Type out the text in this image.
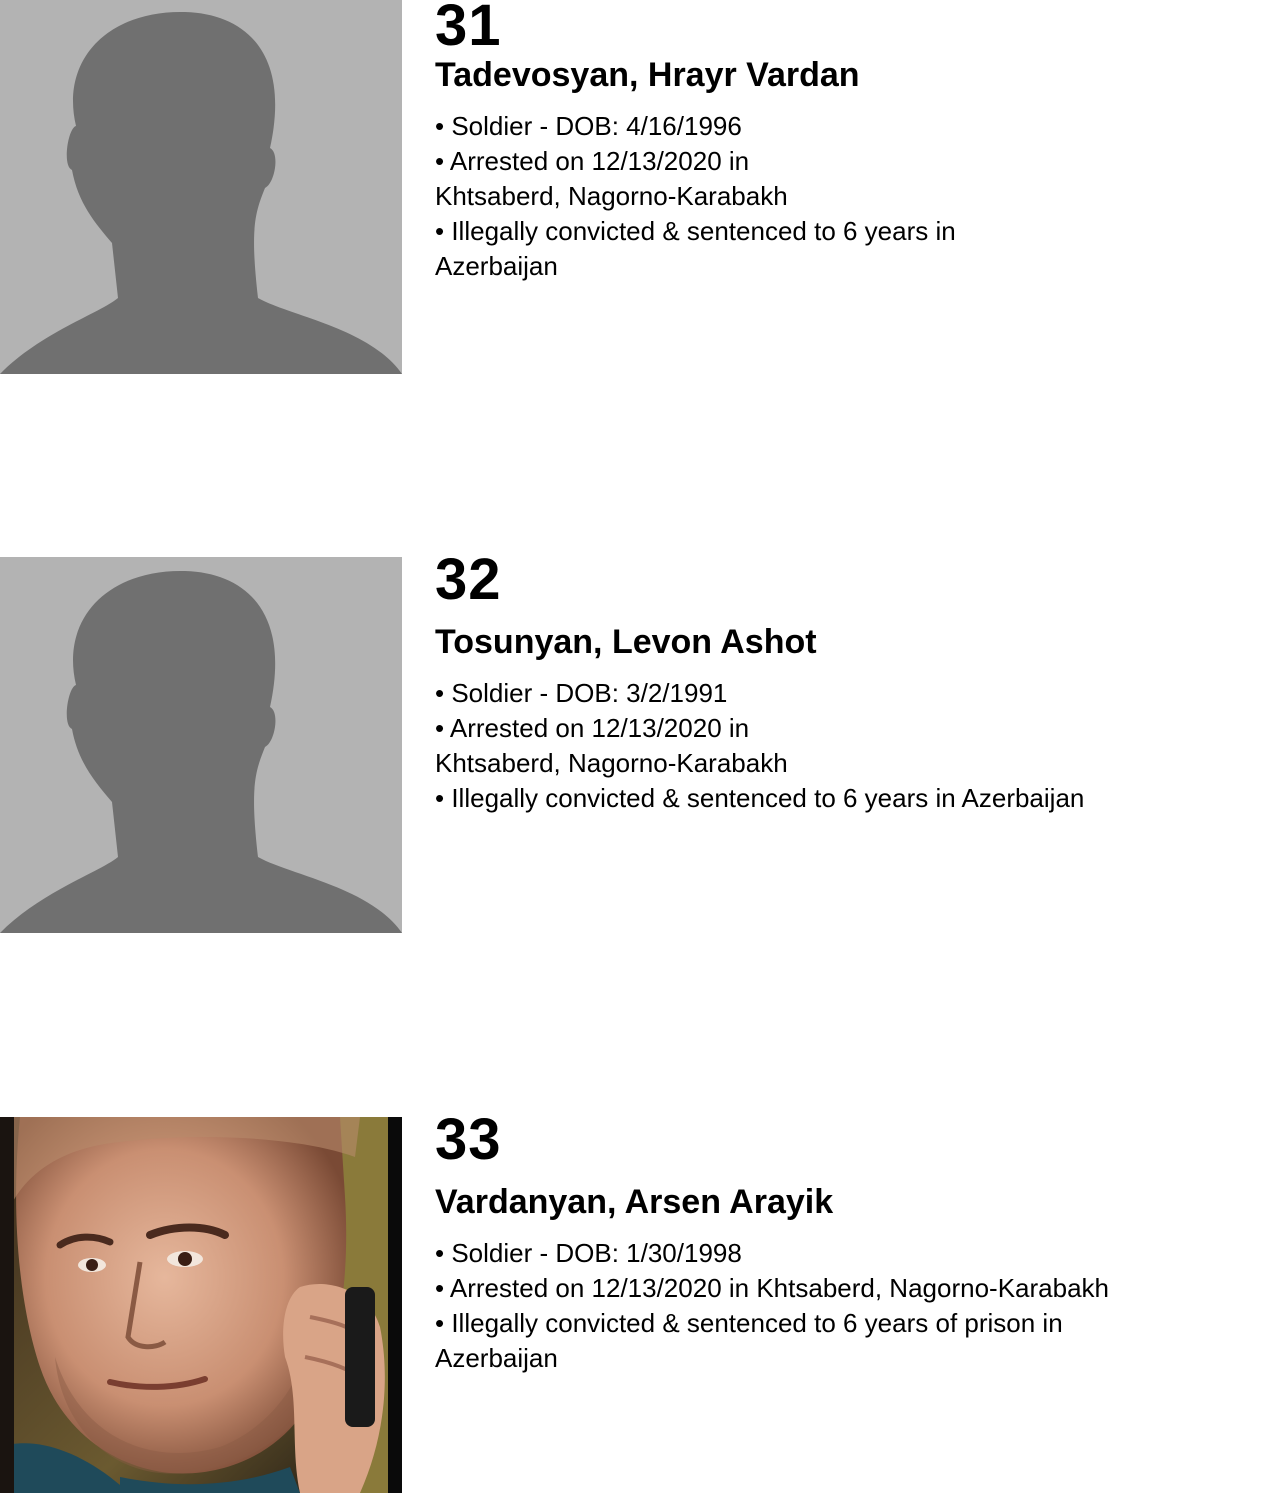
31
Tadevosyan, Hrayr Vardan
• Soldier - DOB: 4/16/1996
• Arrested on 12/13/2020 in
Khtsaberd, Nagorno-Karabakh
• Illegally convicted & sentenced to 6 years in
Azerbaijan
32
Tosunyan, Levon Ashot
• Soldier - DOB: 3/2/1991
• Arrested on 12/13/2020 in
Khtsaberd, Nagorno-Karabakh
• Illegally convicted & sentenced to 6 years in Azerbaijan
33
Vardanyan, Arsen Arayik
• Soldier - DOB: 1/30/1998
• Arrested on 12/13/2020 in Khtsaberd, Nagorno-Karabakh
• Illegally convicted & sentenced to 6 years of prison in
Azerbaijan
